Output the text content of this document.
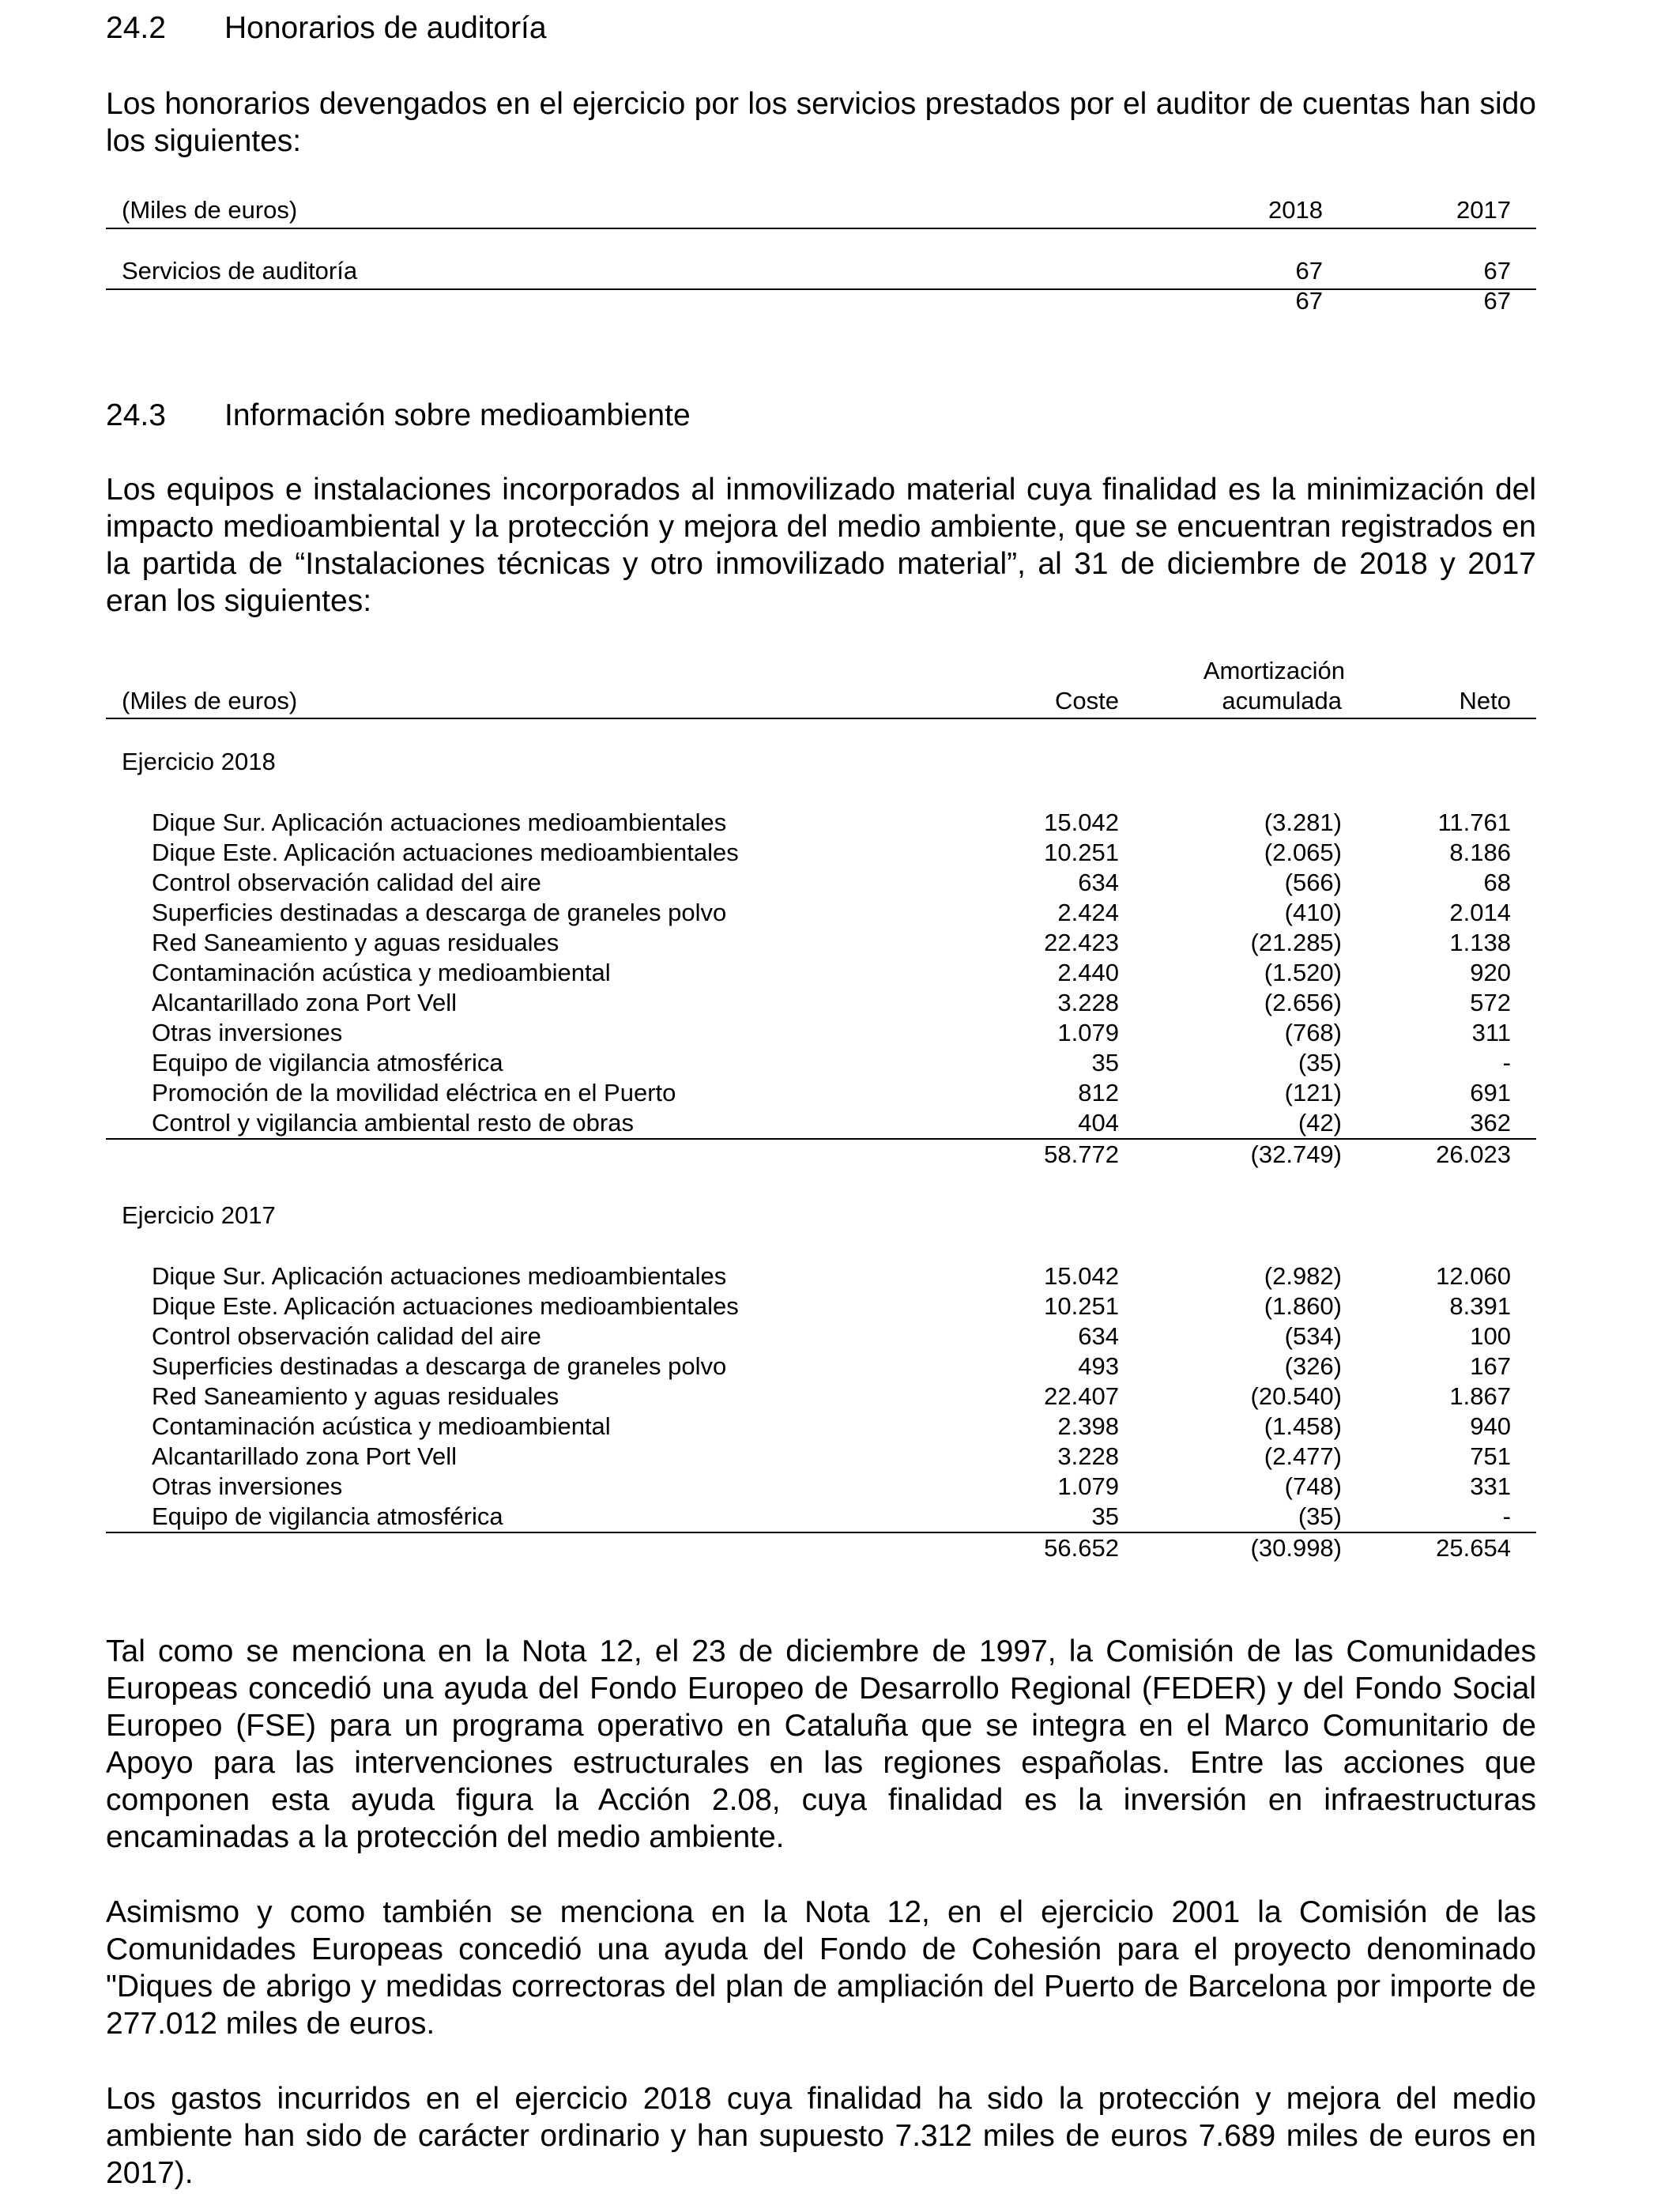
24.2 Honorarios de auditoría
Los honorarios devengados en el ejercicio por los servicios prestados por el auditor de cuentas han sido los siguientes:
(Miles de euros)	2018	2017
Servicios de auditoría	67	67
67	67
24.3 Información sobre medioambiente
Los equipos e instalaciones incorporados al inmovilizado material cuya finalidad es la minimización del impacto medioambiental y la protección y mejora del medio ambiente, que se encuentran registrados en la partida de “Instalaciones técnicas y otro inmovilizado material”, al 31 de diciembre de 2018 y 2017 eran los siguientes:
Amortización
(Miles de euros)	Coste	acumulada	Neto
Ejercicio 2018
Dique Sur. Aplicación actuaciones medioambientales	15.042	(3.281)	11.761
Dique Este. Aplicación actuaciones medioambientales	10.251	(2.065)	8.186
Control observación calidad del aire	634	(566)	68
Superficies destinadas a descarga de graneles polvo	2.424	(410)	2.014
Red Saneamiento y aguas residuales	22.423	(21.285)	1.138
Contaminación acústica y medioambiental	2.440	(1.520)	920
Alcantarillado zona Port Vell	3.228	(2.656)	572
Otras inversiones	1.079	(768)	311
Equipo de vigilancia atmosférica	35	(35)	-
Promoción de la movilidad eléctrica en el Puerto	812	(121)	691
Control y vigilancia ambiental resto de obras	404	(42)	362
58.772	(32.749)	26.023
Ejercicio 2017
Dique Sur. Aplicación actuaciones medioambientales	15.042	(2.982)	12.060
Dique Este. Aplicación actuaciones medioambientales	10.251	(1.860)	8.391
Control observación calidad del aire	634	(534)	100
Superficies destinadas a descarga de graneles polvo	493	(326)	167
Red Saneamiento y aguas residuales	22.407	(20.540)	1.867
Contaminación acústica y medioambiental	2.398	(1.458)	940
Alcantarillado zona Port Vell	3.228	(2.477)	751
Otras inversiones	1.079	(748)	331
Equipo de vigilancia atmosférica	35	(35)	-
56.652	(30.998)	25.654
Tal como se menciona en la Nota 12, el 23 de diciembre de 1997, la Comisión de las Comunidades Europeas concedió una ayuda del Fondo Europeo de Desarrollo Regional (FEDER) y del Fondo Social Europeo (FSE) para un programa operativo en Cataluña que se integra en el Marco Comunitario de Apoyo para las intervenciones estructurales en las regiones españolas. Entre las acciones que componen esta ayuda figura la Acción 2.08, cuya finalidad es la inversión en infraestructuras encaminadas a la protección del medio ambiente.
Asimismo y como también se menciona en la Nota 12, en el ejercicio 2001 la Comisión de las Comunidades Europeas concedió una ayuda del Fondo de Cohesión para el proyecto denominado "Diques de abrigo y medidas correctoras del plan de ampliación del Puerto de Barcelona por importe de 277.012 miles de euros.
Los gastos incurridos en el ejercicio 2018 cuya finalidad ha sido la protección y mejora del medio ambiente han sido de carácter ordinario y han supuesto 7.312 miles de euros 7.689 miles de euros en 2017).
